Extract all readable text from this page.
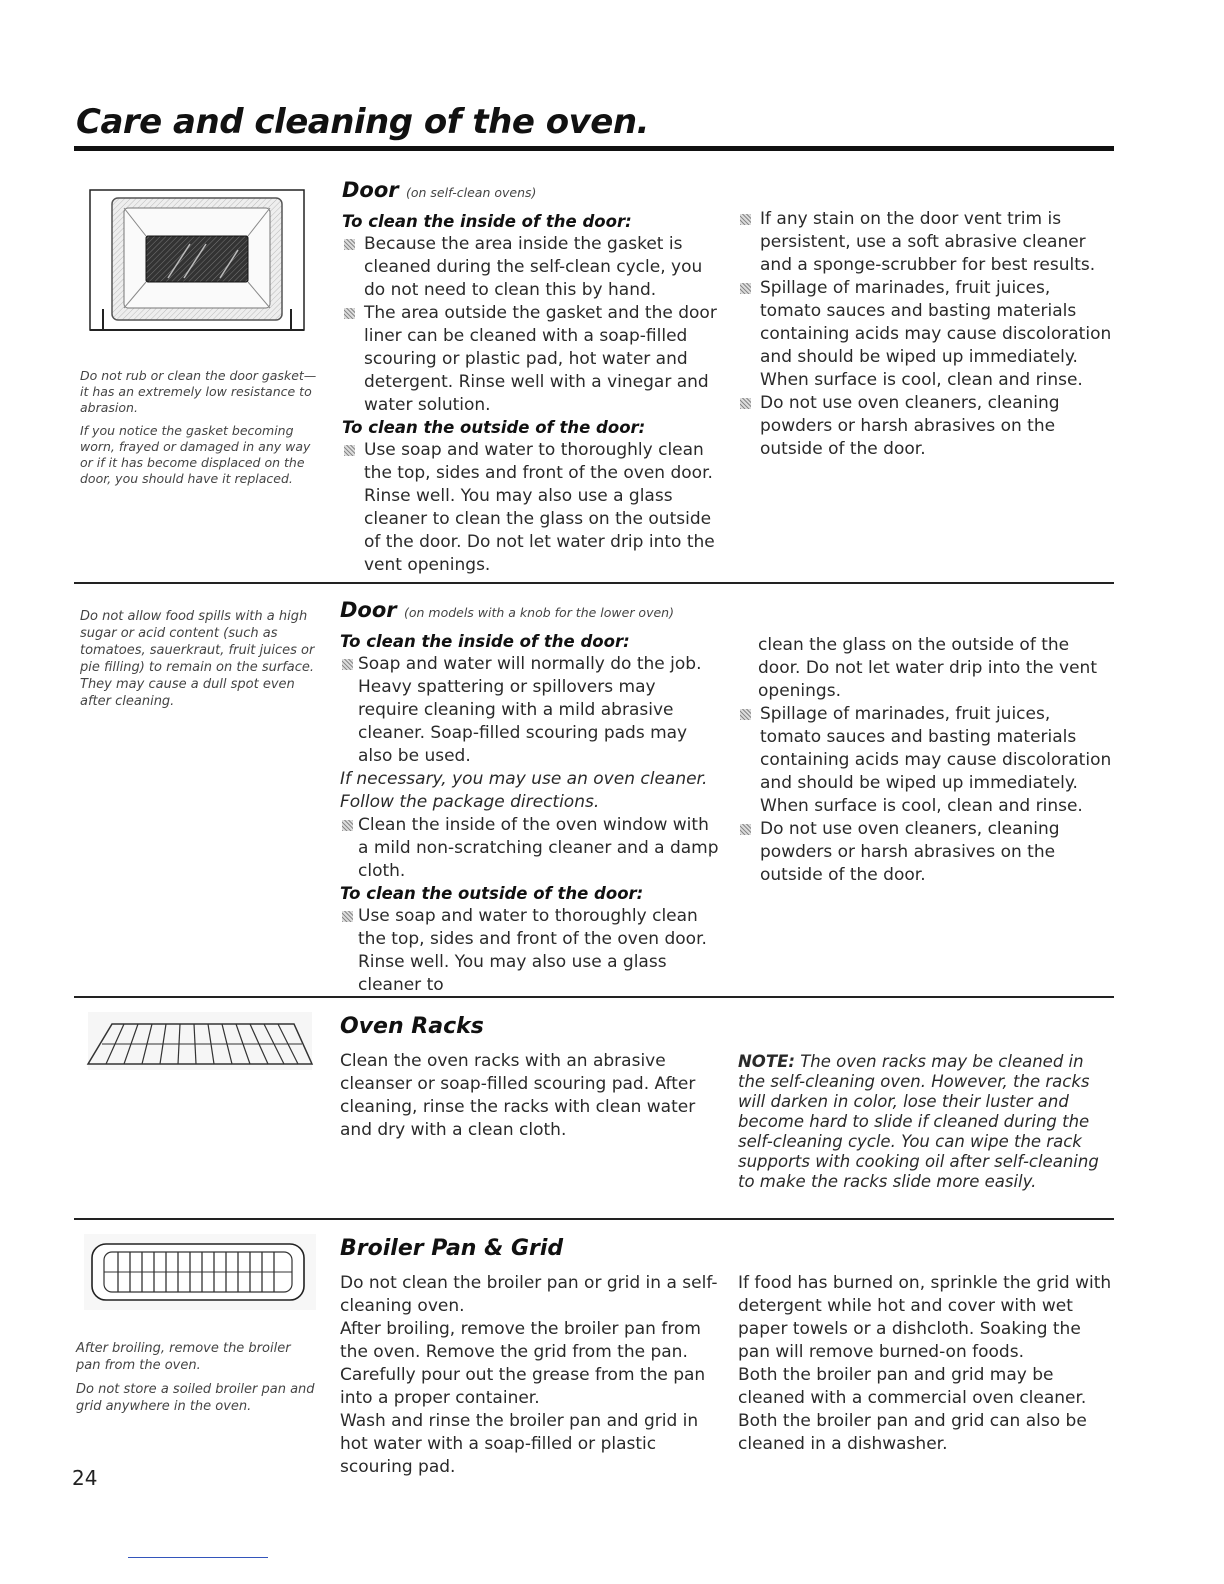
Care and cleaning of the oven.

Do not rub or clean the door gasket— it has an extremely low resistance to abrasion.

If you notice the gasket becoming worn, frayed or damaged in any way or if it has become displaced on the door, you should have it replaced.

Door (on self-clean ovens)

To clean the inside of the door:

Because the area inside the gasket is cleaned during the self-clean cycle, you do not need to clean this by hand.

The area outside the gasket and the door liner can be cleaned with a soap-filled scouring or plastic pad, hot water and detergent. Rinse well with a vinegar and water solution.

To clean the outside of the door:

Use soap and water to thoroughly clean the top, sides and front of the oven door. Rinse well. You may also use a glass cleaner to clean the glass on the outside of the door. Do not let water drip into the vent openings.

If any stain on the door vent trim is persistent, use a soft abrasive cleaner and a sponge-scrubber for best results.

Spillage of marinades, fruit juices, tomato sauces and basting materials containing acids may cause discoloration and should be wiped up immediately. When surface is cool, clean and rinse.

Do not use oven cleaners, cleaning powders or harsh abrasives on the outside of the door.

Do not allow food spills with a high sugar or acid content (such as tomatoes, sauerkraut, fruit juices or pie filling) to remain on the surface. They may cause a dull spot even after cleaning.

Door (on models with a knob for the lower oven)

To clean the inside of the door:

Soap and water will normally do the job. Heavy spattering or spillovers may require cleaning with a mild abrasive cleaner. Soap-filled scouring pads may also be used.

If necessary, you may use an oven cleaner. Follow the package directions.

Clean the inside of the oven window with a mild non-scratching cleaner and a damp cloth.

To clean the outside of the door:

Use soap and water to thoroughly clean the top, sides and front of the oven door. Rinse well. You may also use a glass cleaner to

clean the glass on the outside of the door. Do not let water drip into the vent openings.

Spillage of marinades, fruit juices, tomato sauces and basting materials containing acids may cause discoloration and should be wiped up immediately. When surface is cool, clean and rinse.

Do not use oven cleaners, cleaning powders or harsh abrasives on the outside of the door.

Oven Racks

Clean the oven racks with an abrasive cleanser or soap-filled scouring pad. After cleaning, rinse the racks with clean water and dry with a clean cloth.

NOTE: The oven racks may be cleaned in the self-cleaning oven. However, the racks will darken in color, lose their luster and become hard to slide if cleaned during the self-cleaning cycle. You can wipe the rack supports with cooking oil after self-cleaning to make the racks slide more easily.

After broiling, remove the broiler pan from the oven.

Do not store a soiled broiler pan and grid anywhere in the oven.

Broiler Pan & Grid

Do not clean the broiler pan or grid in a self-cleaning oven.

After broiling, remove the broiler pan from the oven. Remove the grid from the pan. Carefully pour out the grease from the pan into a proper container.

Wash and rinse the broiler pan and grid in hot water with a soap-filled or plastic scouring pad.

If food has burned on, sprinkle the grid with detergent while hot and cover with wet paper towels or a dishcloth. Soaking the pan will remove burned-on foods.

Both the broiler pan and grid may be cleaned with a commercial oven cleaner.

Both the broiler pan and grid can also be cleaned in a dishwasher.

24
